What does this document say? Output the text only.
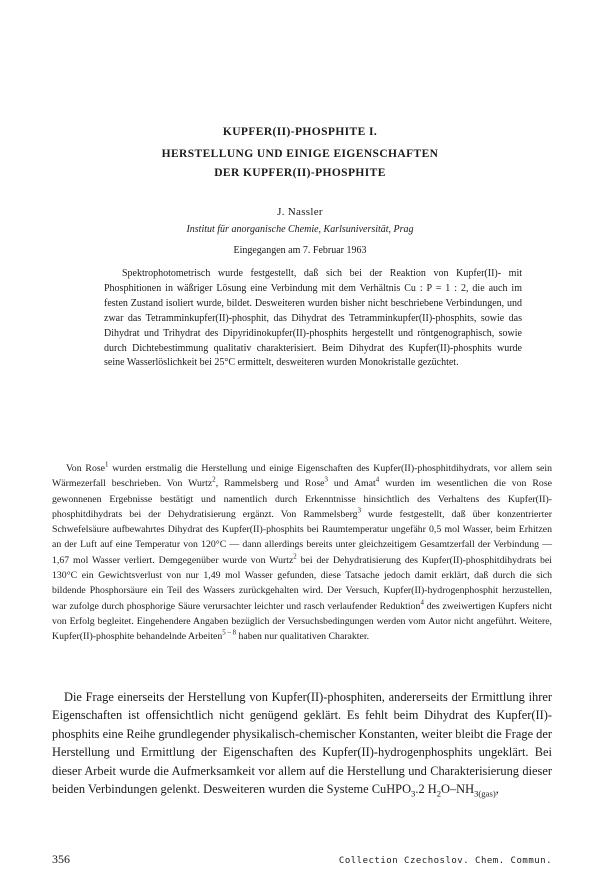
KUPFER(II)-PHOSPHITE I.
HERSTELLUNG UND EINIGE EIGENSCHAFTEN
DER KUPFER(II)-PHOSPHITE
J. Nassler
Institut für anorganische Chemie, Karlsuniversität, Prag
Eingegangen am 7. Februar 1963

Spektrophotometrisch wurde festgestellt, daß sich bei der Reaktion von Kupfer(II)- mit Phosphitionen in wäßriger Lösung eine Verbindung mit dem Verhältnis Cu : P = 1 : 2, die auch im festen Zustand isoliert wurde, bildet. Desweiteren wurden bisher nicht beschriebene Verbindungen, und zwar das Tetramminkupfer(II)-phosphit, das Dihydrat des Tetramminkupfer(II)-phosphits, sowie das Dihydrat und Trihydrat des Dipyridinokupfer(II)-phosphits hergestellt und röntgenographisch, sowie durch Dichtebestimmung qualitativ charakterisiert. Beim Dihydrat des Kupfer(II)-phosphits wurde seine Wasserlöslichkeit bei 25°C ermittelt, desweiteren wurden Monokristalle gezüchtet.

Von Rose$^1$ wurden erstmalig die Herstellung und einige Eigenschaften des Kupfer(II)-phosphitdihydrats, vor allem sein Wärmezerfall beschrieben. Von Wurtz$^2$, Rammelsberg und Rose$^3$ und Amat$^4$ wurden im wesentlichen die von Rose gewonnenen Ergebnisse bestätigt und namentlich durch Erkenntnisse hinsichtlich des Verhaltens des Kupfer(II)-phosphitdihydrats bei der Dehydratisierung ergänzt. Von Rammelsberg$^3$ wurde festgestellt, daß über konzentrierter Schwefelsäure aufbewahrtes Dihydrat des Kupfer(II)-phosphits bei Raumtemperatur ungefähr 0,5 mol Wasser, beim Erhitzen an der Luft auf eine Temperatur von 120°C — dann allerdings bereits unter gleichzeitigem Gesamtzerfall der Verbindung — 1,67 mol Wasser verliert. Demgegenüber wurde von Wurtz$^2$ bei der Dehydratisierung des Kupfer(II)-phosphitdihydrats bei 130°C ein Gewichtsverlust von nur 1,49 mol Wasser gefunden, diese Tatsache jedoch damit erklärt, daß durch die sich bildende Phosphorsäure ein Teil des Wassers zurückgehalten wird. Der Versuch, Kupfer(II)-hydrogenphosphit herzustellen, war zufolge durch phosphorige Säure verursachter leichter und rasch verlaufender Reduktion$^4$ des zweiwertigen Kupfers nicht von Erfolg begleitet. Eingehendere Angaben bezüglich der Versuchsbedingungen werden vom Autor nicht angeführt. Weitere, Kupfer(II)-phosphite behandelnde Arbeiten$^{5 - 8}$ haben nur qualitativen Charakter.

Die Frage einerseits der Herstellung von Kupfer(II)-phosphiten, andererseits der Ermittlung ihrer Eigenschaften ist offensichtlich nicht genügend geklärt. Es fehlt beim Dihydrat des Kupfer(II)-phosphits eine Reihe grundlegender physikalisch-chemischer Konstanten, weiter bleibt die Frage der Herstellung und Ermittlung der Eigenschaften des Kupfer(II)-hydrogenphosphits ungeklärt. Bei dieser Arbeit wurde die Aufmerksamkeit vor allem auf die Herstellung und Charakterisierung dieser beiden Verbindungen gelenkt. Desweiteren wurden die Systeme CuHPO$_3$.2 $H_2O-NH_{3(gas)}$,

356	Collection Czechoslov. Chem. Commun.
